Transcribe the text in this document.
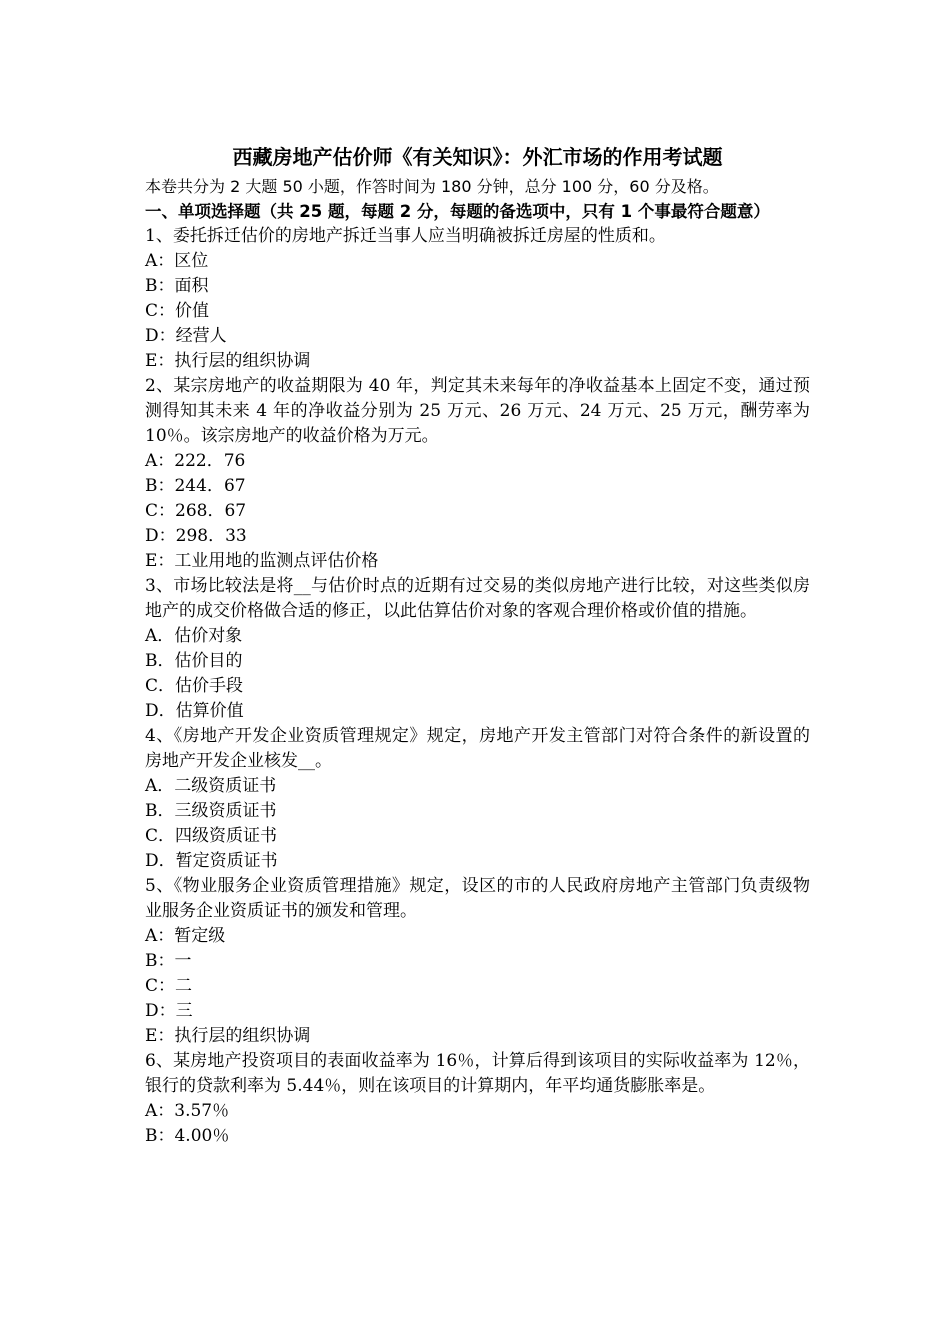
西藏房地产估价师《有关知识》：外汇市场的作用考试题
本卷共分为 2 大题 50 小题，作答时间为 180 分钟，总分 100 分，60 分及格。
一、单项选择题（共 25 题，每题 2 分，每题的备选项中，只有 1 个事最符合题意）
1、委托拆迁估价的房地产拆迁当事人应当明确被拆迁房屋的性质和。
A：区位
B：面积
C：价值
D：经营人
E：执行层的组织协调
2、某宗房地产的收益期限为 40 年，判定其未来每年的净收益基本上固定不变，通过预测得知其未来 4 年的净收益分别为 25 万元、26 万元、24 万元、25 万元，酬劳率为 10％。该宗房地产的收益价格为万元。
A：222．76
B：244．67
C：268．67
D：298．33
E：工业用地的监测点评估价格
3、市场比较法是将__与估价时点的近期有过交易的类似房地产进行比较，对这些类似房地产的成交价格做合适的修正，以此估算估价对象的客观合理价格或价值的措施。
A．估价对象
B．估价目的
C．估价手段
D．估算价值
4、《房地产开发企业资质管理规定》规定，房地产开发主管部门对符合条件的新设置的房地产开发企业核发__。
A．二级资质证书
B．三级资质证书
C．四级资质证书
D．暂定资质证书
5、《物业服务企业资质管理措施》规定，设区的市的人民政府房地产主管部门负责级物业服务企业资质证书的颁发和管理。
A：暂定级
B：一
C：二
D：三
E：执行层的组织协调
6、某房地产投资项目的表面收益率为 16％，计算后得到该项目的实际收益率为 12％，银行的贷款利率为 5.44％，则在该项目的计算期内，年平均通货膨胀率是。
A：3.57％
B：4.00％
